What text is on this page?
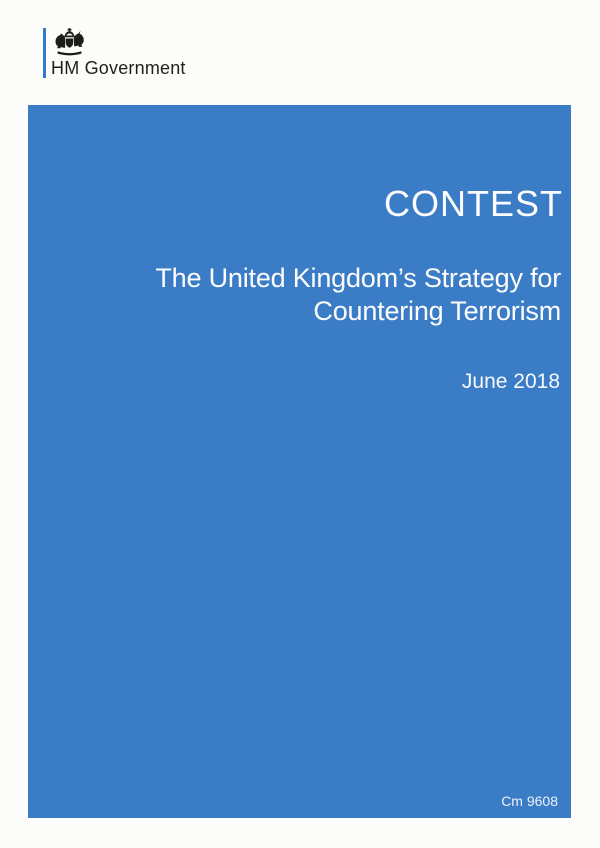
HM Government
CONTEST
The United Kingdom’s Strategy for
Countering Terrorism
June 2018
Cm 9608
